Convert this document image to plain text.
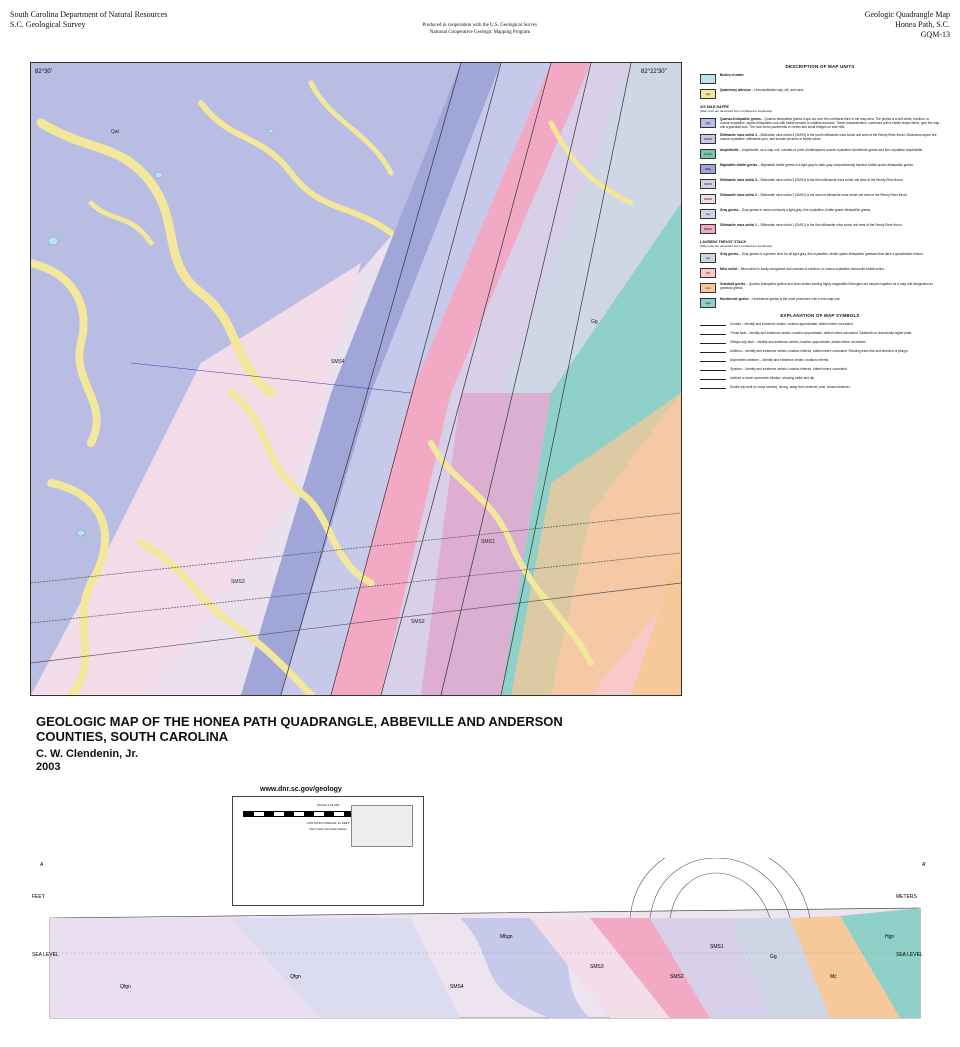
South Carolina Department of Natural Resources
S.C. Geological Survey	Produced in cooperation with the U.S. Geological Survey
National Cooperative Geologic Mapping Program
Geologic Quadrangle Map
Honea Path, S.C.
GQM-13
SMS4
SMS3
SMS2
SMS1
Qal
Gg
82°30'	82°22'30"
DESCRIPTION OF MAP UNITS
Bodies of water
Qal
Quaternary alluvium – Unconsolidated clay, silt, and sand.
SIX MILE NAPPE
(Map units are described from northwest to southeast)
Qfg
Quartzo-feldspathic gneiss – Quartzo-feldspathic gneiss crops out over the northwest third of the map area. The gneiss is a buff-white, medium- to coarse-crystalline, quartz-feldspathic rock with biotite present in variable amounts. These characteristics, combined with a visible shape fabric, give the map unit a granitoid look. The rock forms pavements in creeks and small bridges on side hills.
SMS4
Sillimanite mica schist 4 – Sillimanite mica schist 4 (SMS4) is the fourth sillimanite mica schist unit west of the Reedy River thrust. Micaceous layers are coarse-crystalline, sillimanite-poor, and include sections of biotite schist.
Amph
Amphibolite – Amphibolite, as a map unit, consists of pods of interlayered coarse-crystalline hornblende gneiss and fine-crystalline amphibolite.
Mbg
Migmatitic biotite gneiss – Migmatitic biotite gneiss is a light-gray to dark-gray compositionally banded, biotite quartz-feldspathic gneiss.
SMS3
Sillimanite mica schist 3 – Sillimanite mica schist 3 (SMS3) is the third sillimanite mica schist unit west of the Reedy River thrust.
SMS2
Sillimanite mica schist 2 – Sillimanite mica schist 2 (SMS2) is the second sillimanite mica schist unit west of the Reedy River thrust.
Gg
Gray gneiss – Gray gneiss is most commonly a light-gray, fine-crystalline, biotite quartz-feldspathic gneiss.
SMS1
Sillimanite mica schist 1 – Sillimanite mica schist 1 (SMS1) is the first sillimanite mica schist unit west of the Reedy River thrust.
LAURENS THRUST STACK
(Map units are described from northwest to southeast)
Gg
Gray gneiss – Gray gneiss is a generic term for all light-gray, fine-crystalline, biotite quartz-feldspathic gneisses that have a granoblastic texture.
Mc
Mica schist – Mica schist is easily recognized and consists of medium- to coarse-crystalline muscovite-biotite schist.
Grn
Granitoid gneiss – Quartzo-feldspathic gneiss and other similar-looking highly magmatitic lithologies are lumped together as a map unit designated as granitoid gneiss.
Hgn
Hornblende gneiss – Hornblende gneiss is the most prominent rock in this map unit.
EXPLANATION OF MAP SYMBOLS
Contact – Identity and existence certain, location approximate, dotted where concealed.
Thrust fault – Identity and existence certain, location approximate, dotted where concealed. Sawteeth on tectonically higher plate.
Oblique-slip fault – Identity and existence certain, location approximate, dotted where concealed.
Antiform – Identity and existence certain, location inferred, dotted where concealed. Showing trace line and direction of plunge.
Asymmetric antiform – Identity and existence certain, location inferred.
Synform – Identity and existence certain, location inferred, dotted where concealed.
Inclined or strain-symmetric foliation, showing strike and dip.
Ductile slip fault (in cross section), strong, away from observer, plus, toward observer.
GEOLOGIC MAP OF THE HONEA PATH QUADRANGLE, ABBEVILLE AND ANDERSON
COUNTIES, SOUTH CAROLINA
C. W. Clendenin, Jr.
2003
www.dnr.sc.gov/geology
SCALE 1:24,000
CONTOUR INTERVAL 10 FEET
1927 North American Datum
A	A'
SEA LEVEL	SEA LEVEL
FEET	METERS
Qfgn
Qfgn
SMS4
Mbgn
SMS3
SMS2
SMS1
Gg
Mc
Hgn
